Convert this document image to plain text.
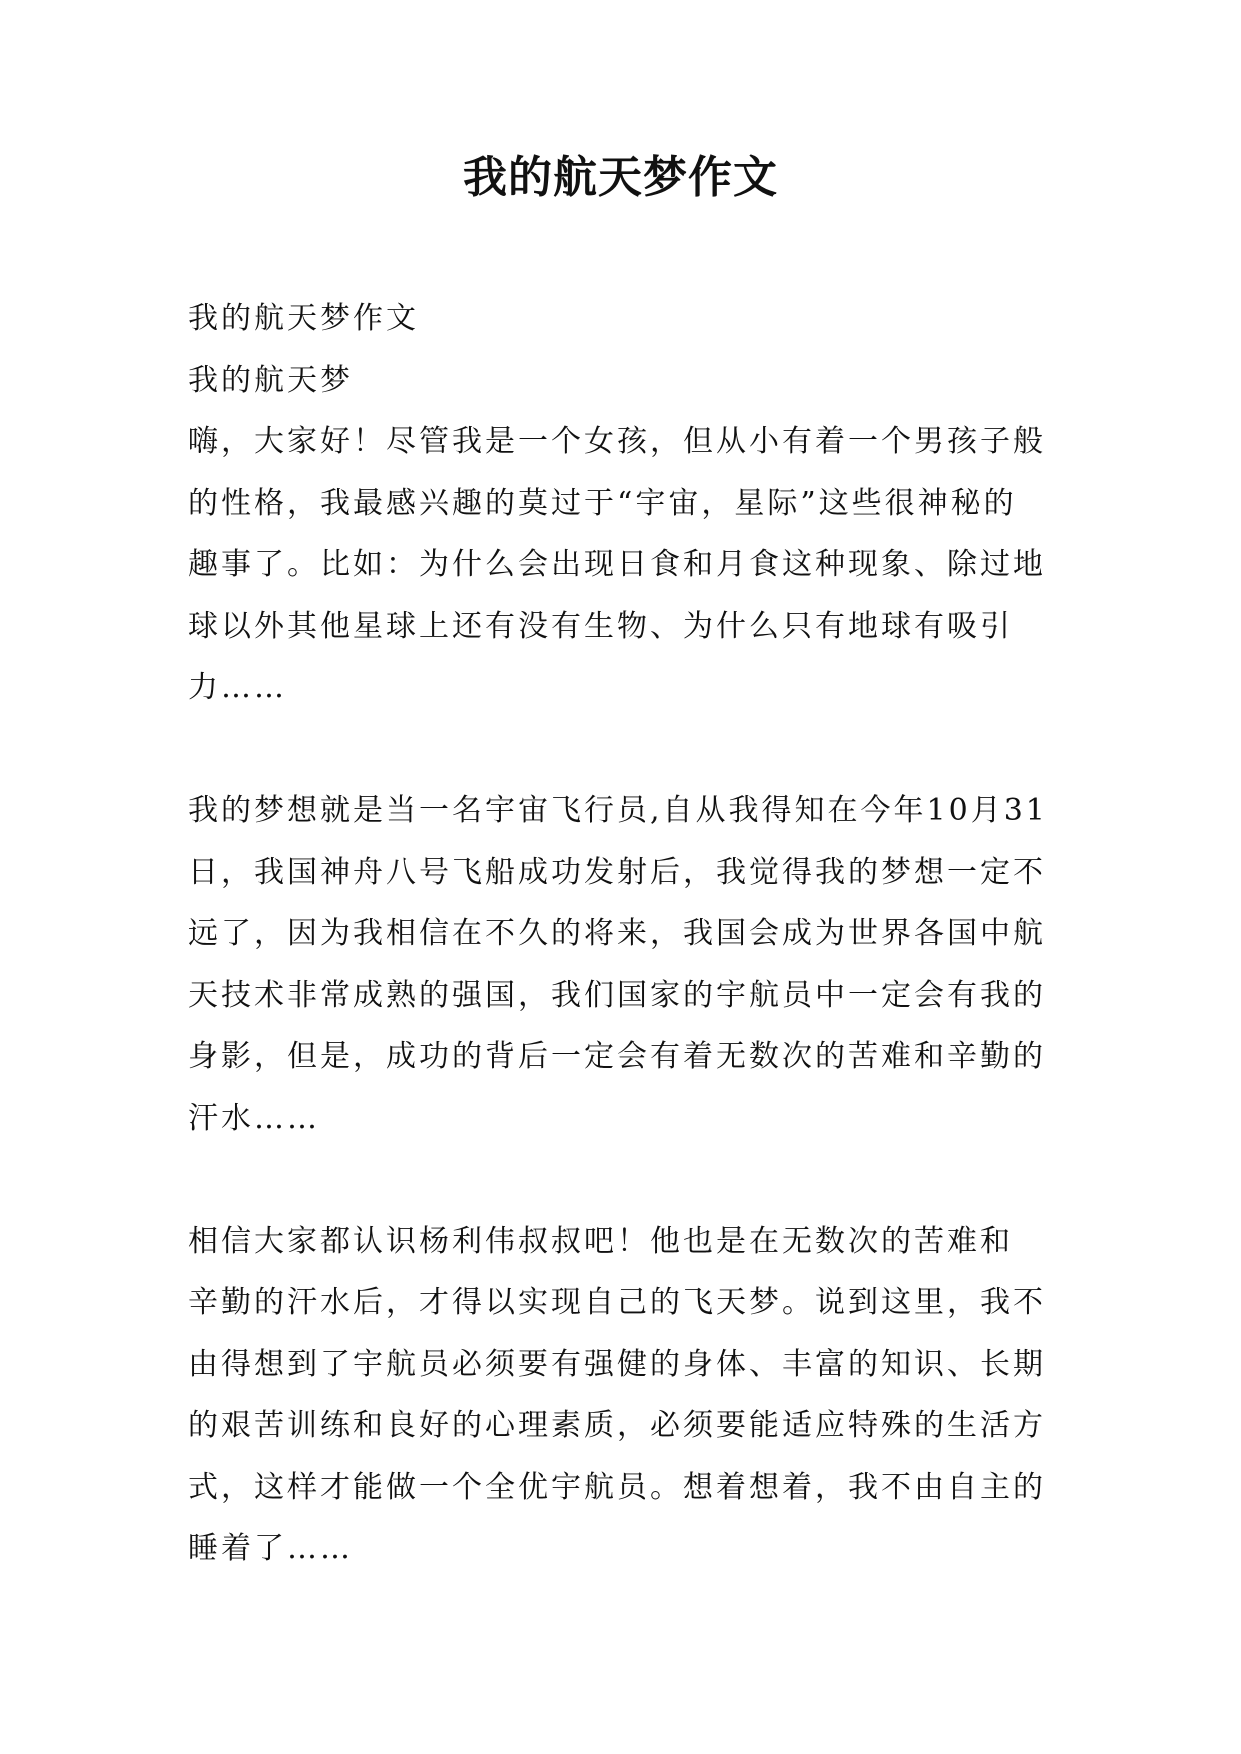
我的航天梦作文

我的航天梦作文

我的航天梦

嗨，大家好！尽管我是一个女孩，但从小有着一个男孩子般

的性格，我最感兴趣的莫过于“宇宙，星际”这些很神秘的

趣事了。比如：为什么会出现日食和月食这种现象、除过地

球以外其他星球上还有没有生物、为什么只有地球有吸引

力……

我的梦想就是当一名宇宙飞行员,自从我得知在今年10月31

日，我国神舟八号飞船成功发射后，我觉得我的梦想一定不

远了，因为我相信在不久的将来，我国会成为世界各国中航

天技术非常成熟的强国，我们国家的宇航员中一定会有我的

身影，但是，成功的背后一定会有着无数次的苦难和辛勤的

汗水……

相信大家都认识杨利伟叔叔吧！他也是在无数次的苦难和

辛勤的汗水后，才得以实现自己的飞天梦。说到这里，我不

由得想到了宇航员必须要有强健的身体、丰富的知识、长期

的艰苦训练和良好的心理素质，必须要能适应特殊的生活方

式，这样才能做一个全优宇航员。想着想着，我不由自主的

睡着了……
